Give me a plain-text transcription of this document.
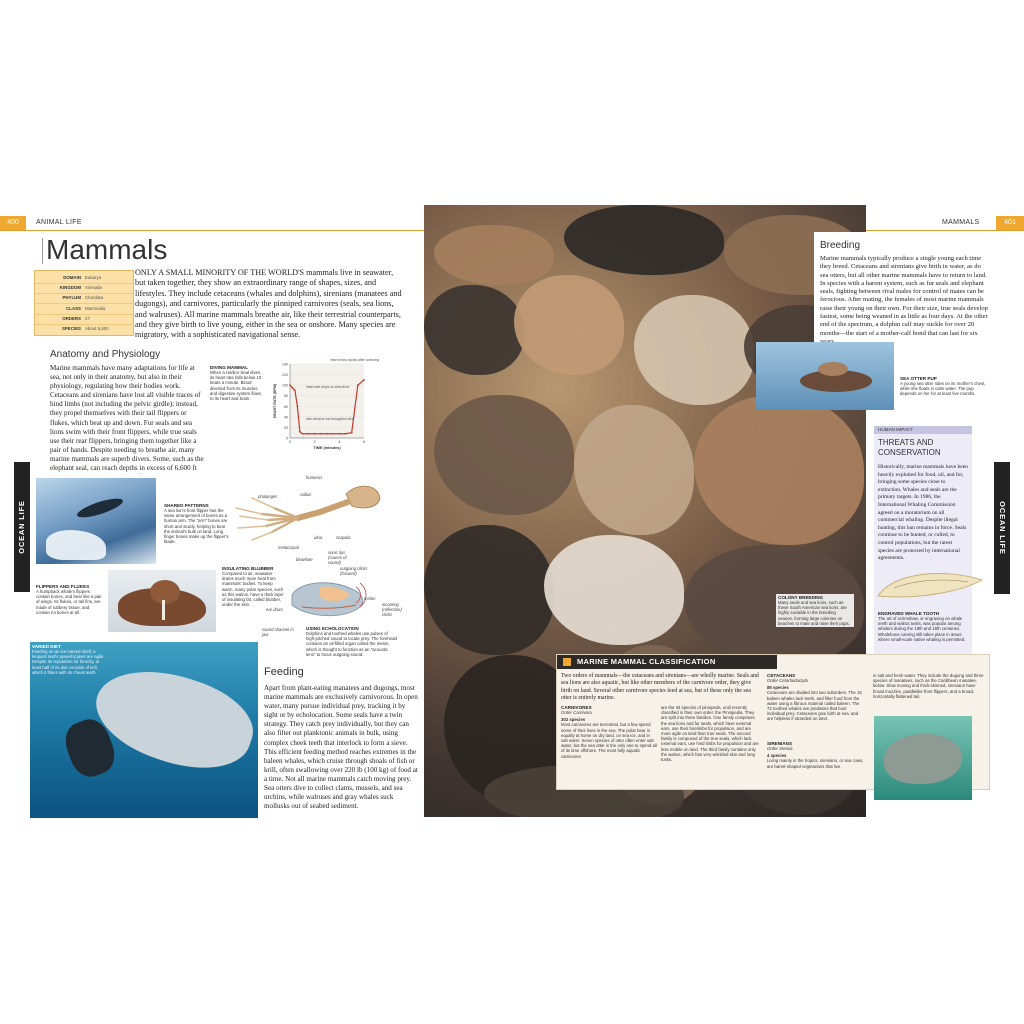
400	ANIMAL LIFE
OCEAN LIFE
Mammals
DOMAIN Eukarya
KINGDOM Animalia
PHYLUM Chordata
CLASS Mammalia
ORDERS 27
SPECIES About 5,500
ONLY A SMALL MINORITY OF THE WORLD'S mammals live in seawater, but taken together, they show an extraordinary range of shapes, sizes, and lifestyles. They include cetaceans (whales and dolphins), sirenians (manatees and dugongs), and carnivores, particularly the pinniped carnivores (seals, sea lions, and walruses). All marine mammals breathe air, like their terrestrial counterparts, and they give birth to live young, either in the sea or onshore. Many species are migratory, with a sophisticated navigational sense.
Anatomy and Physiology
Marine mammals have many adaptations for life at sea, not only in their anatomy, but also in their physiology, regulating how their bodies work. Cetaceans and sirenians have lost all visible traces of hind limbs (not including the pelvic girdle); instead, they propel themselves with their tail flippers or flukes, which beat up and down. Fur seals and sea lions swim with their front flippers, while true seals use their rear flippers, bringing them together like a pair of hands. Despite needing to breathe air, many marine mammals are superb divers. Some, such as the elephant seal, can reach depths in excess of 6,600 ft
DIVING MAMMAL
When a Harbor Seal dives, its heart rate falls below 10 beats a minute. Blood diverted from its muscles and digestive system flows to its heart and brain.
0
20
40
60
80
100
120
140
0	2	4	6
TIME (minutes)
HEART RATE (BPM)
heart beats rapidly after surfacing
heart rate drops as seal dives
rate remains low throughout dive
SHARED PATTERNS
A sea lion's front flipper has the same arrangement of bones as a human arm. The "arm" bones are short and sturdy, helping to bear the animal's bulk on land. Long finger bones make up the flipper's blade.
humerus
radius
phalanges
ulna	scapula
metacarpal
FLIPPERS AND FLUKES
A humpback whale's flippers contain bones, and bear like a pair of wings. Its flukes, or tail fins, are made of rubbery tissue, and contain no bones at all.
INSULATING BLUBBER
Compared to air, seawater drains much more heat from mammals' bodies. To keep warm, many polar species, such as this walrus, have a thick layer of insulating fat, called blubber, under the skin.
blowhole
sonic lips (source of sound)
outgoing clicks (forward)
melon
incoming (reflection) clicks
sound channel in jaw
ear drum
USING ECHOLOCATION
Dolphins and toothed whales use pulses of high-pitched sound to locate prey. The forehead contains an oil-filled organ called the melon, which is thought to function as an "acoustic lens" to focus outgoing sound.
VARIED DIET
Feeding on an ice-carved shelf, a leopard seal's powerful jaws are agile. Despite its reputation for ferocity, at least half of its diet consists of krill, which it filters with its cheek teeth.	Feeding
Apart from plant-eating manatees and dugongs, most marine mammals are exclusively carnivorous. In open water, many pursue individual prey, tracking it by sight or by echolocation. Some seals have a twin strategy. They catch prey individually, but they can also filter out planktonic animals in bulk, using complex cheek teeth that interlock to form a sieve. This efficient feeding method reaches extremes in the baleen whales, which cruise through shoals of fish or krill, often swallowing over 220 lb (100 kg) of food at a time. Not all marine mammals catch moving prey. Sea otters dive to collect clams, mussels, and sea urchins, while walruses and gray whales suck mollusks out of seabed sediment.
MAMMALS	401
OCEAN LIFE
Breeding
Marine mammals typically produce a single young each time they breed. Cetaceans and sirenians give birth in water, as do sea otters, but all other marine mammals have to return to land. In species with a harem system, such as fur seals and elephant seals, fighting between rival males for control of mates can be ferocious. After mating, the females of most marine mammals raise their young on their own. For their size, true seals develop fastest, some being weaned in as little as four days. At the other end of the spectrum, a dolphin calf may suckle for over 20 months—the start of a mother-calf bond that can last for six
SEA OTTER PUP
A young sea otter rides on its mother's chest, while she floats in calm water. The pup depends on her for at least five months.
HUMAN IMPACT
THREATS AND CONSERVATION
Historically, marine mammals have been heavily exploited for food, oil, and fur, bringing some species close to extinction. Whales and seals are the primary targets. In 1986, the International Whaling Commission agreed on a moratorium on all commercial whaling. Despite illegal hunting, this ban remains in force. Seals continue to be hunted, or culled, to control populations, but the rarest species are protected by international agreements.
ENGRAVED WHALE TOOTH
The art of scrimshaw, or engraving on whale teeth and walrus tusks, was popular among whalers during the 18th and 19th centuries. Whalebone carving still takes place in areas where small-scale native whaling is permitted.
COLONY BREEDING
Many seals and sea lions, such as these South American sea lions, are highly sociable in the breeding season, forming large colonies on beaches to mate and raise their pups.
MARINE MAMMAL CLASSIFICATION
Two orders of mammals—the cetaceans and sirenians—are wholly marine. Seals and sea lions are also aquatic, but like other members of the carnivore order, they give birth on land. Several other carnivore species feed at sea, but of these only the sea otter is entirely marine.
CARNIVORES
Order Carnivora
302 species
Most carnivores are terrestrial, but a few spend some of their lives in the sea. The polar bear is equally at home on dry land, on sea ice, and in salt water. Seven species of otter often enter salt water, but the sea otter is the only one to spend all of its time offshore. The most fully aquatic carnivores
are the 34 species of pinnipeds, until recently classified in their own order, the Pinnipedia. They are split into three families. One family comprises the sea lions and fur seals, which have external ears, use their forelimbs for propulsion, and are more agile on land than true seals. The second family is composed of the true seals, which lack external ears, use hind limbs for propulsion and are less mobile on land. The third family contains only the walrus, which has very wrinkled skin and long tusks.
CETACEANS
Order Cetartiodactyla
85 species
Cetaceans are divided into two suborders. The 15 baleen whales lack teeth, and filter food from the water using a fibrous material called baleen. The 72 toothed whales are predators that hunt individual prey. Cetaceans give birth at sea, and are helpless if stranded on land.
SIRENIANS
Order Sirenia
4 species
Living mainly in the tropics, sirenians, or sea cows, are barrel-shaped vegetarians that live
in salt and fresh water. They include the dugong and three species of manatees, such as the Caribbean manatee, below. Slow moving and thick-skinned, sirenians have broad muzzles, paddlelike front flippers, and a broad, horizontally flattened tail.
